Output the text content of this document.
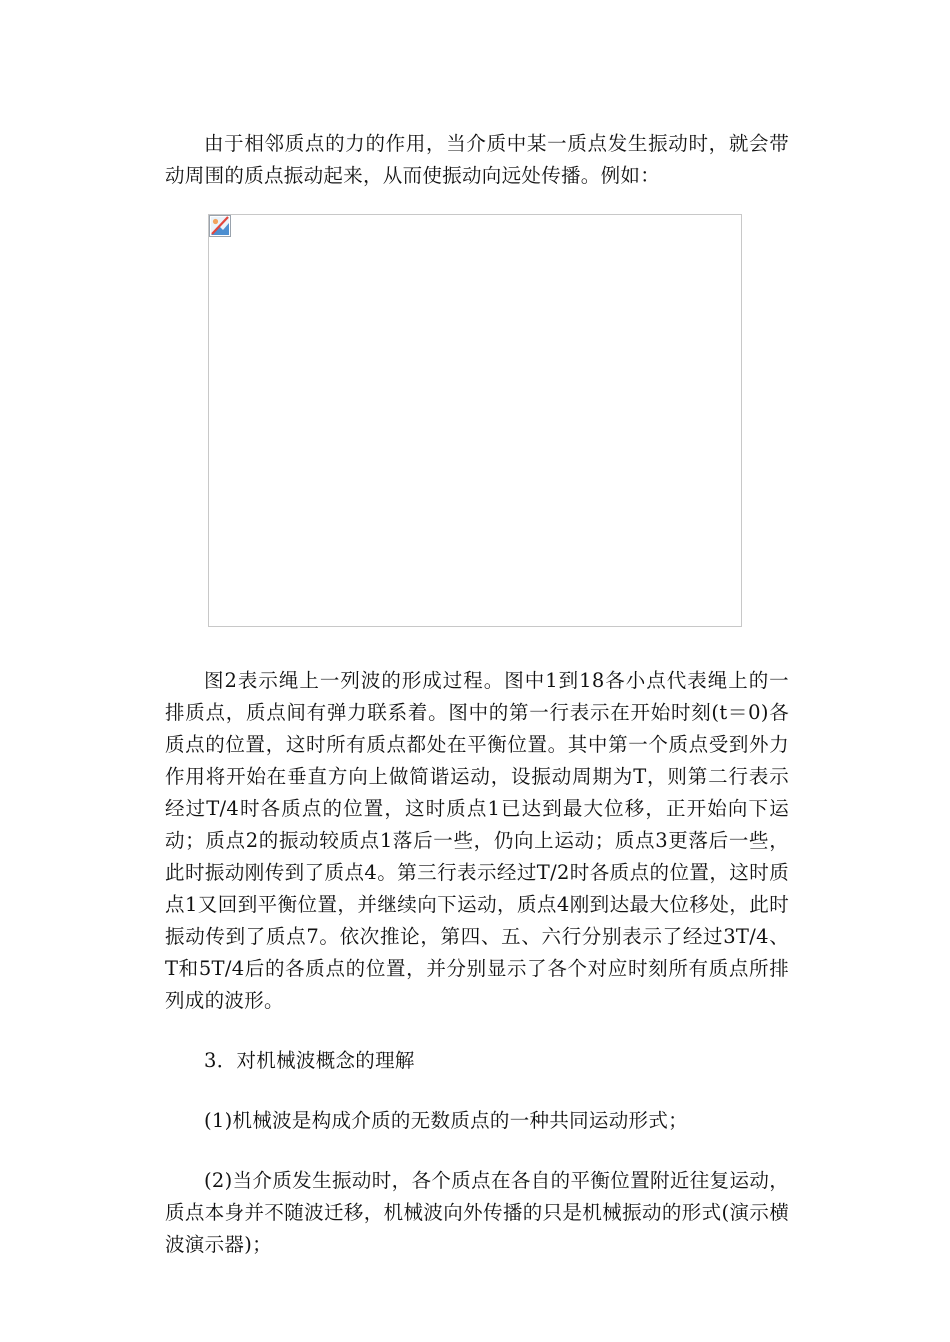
由于相邻质点的力的作用，当介质中某一质点发生振动时，就会带动周围的质点振动起来，从而使振动向远处传播。例如：

图2表示绳上一列波的形成过程。图中1到18各小点代表绳上的一排质点，质点间有弹力联系着。图中的第一行表示在开始时刻(t＝0)各质点的位置，这时所有质点都处在平衡位置。其中第一个质点受到外力作用将开始在垂直方向上做简谐运动，设振动周期为T，则第二行表示经过T/4时各质点的位置，这时质点1已达到最大位移，正开始向下运动；质点2的振动较质点1落后一些，仍向上运动；质点3更落后一些，此时振动刚传到了质点4。第三行表示经过T/2时各质点的位置，这时质点1又回到平衡位置，并继续向下运动，质点4刚到达最大位移处，此时振动传到了质点7。依次推论，第四、五、六行分别表示了经过3T/4、T和5T/4后的各质点的位置，并分别显示了各个对应时刻所有质点所排列成的波形。

3．对机械波概念的理解

(1)机械波是构成介质的无数质点的一种共同运动形式；

(2)当介质发生振动时，各个质点在各自的平衡位置附近往复运动，质点本身并不随波迁移，机械波向外传播的只是机械振动的形式(演示横波演示器)；
